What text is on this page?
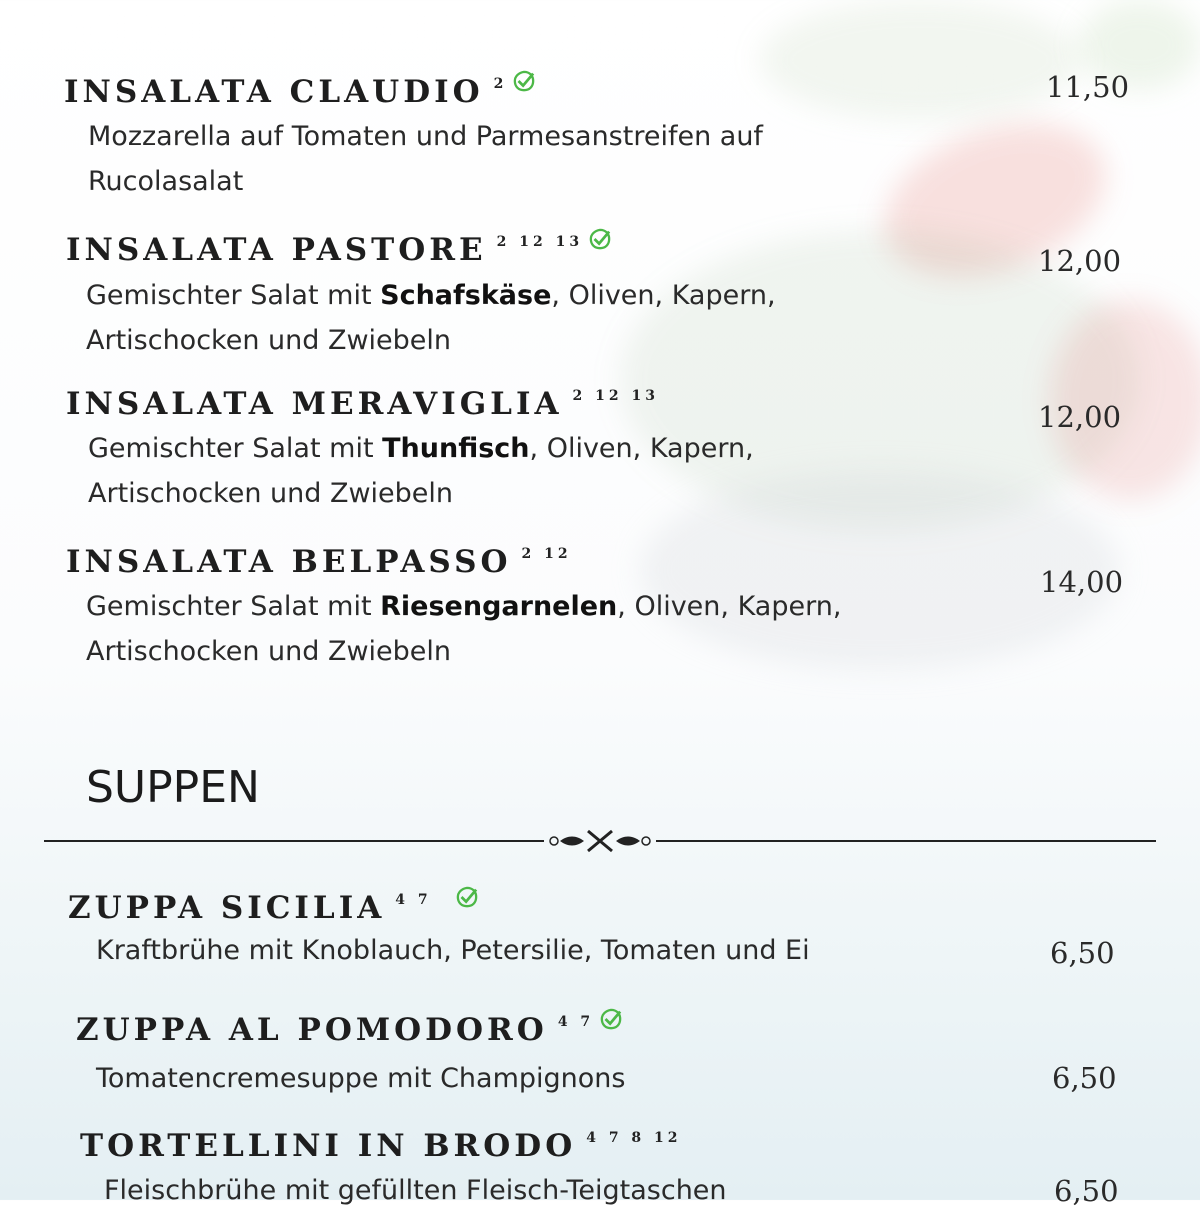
INSALATA CLAUDIO $^2$
Mozzarella auf Tomaten und Parmesanstreifen auf
Rucolasalat
11,50
INSALATA PASTORE $^{2 12 13}$
Gemischter Salat mit Schafskäse, Oliven, Kapern,
Artischocken und Zwiebeln
12,00
INSALATA MERAVIGLIA $^{2 12 13}$
Gemischter Salat mit Thunfisch, Oliven, Kapern,
Artischocken und Zwiebeln
12,00
INSALATA BELPASSO $^{2 12}$
Gemischter Salat mit Riesengarnelen, Oliven, Kapern,
Artischocken und Zwiebeln
14,00
SUPPEN
ZUPPA SICILIA $^{4 7}$
Kraftbrühe mit Knoblauch, Petersilie, Tomaten und Ei	6,50
ZUPPA AL POMODORO $^{4 7}$
Tomatencremesuppe mit Champignons	6,50
TORTELLINI IN BRODO $^{4 7 8 12}$
Fleischbrühe mit gefüllten Fleisch-Teigtaschen	6,50
